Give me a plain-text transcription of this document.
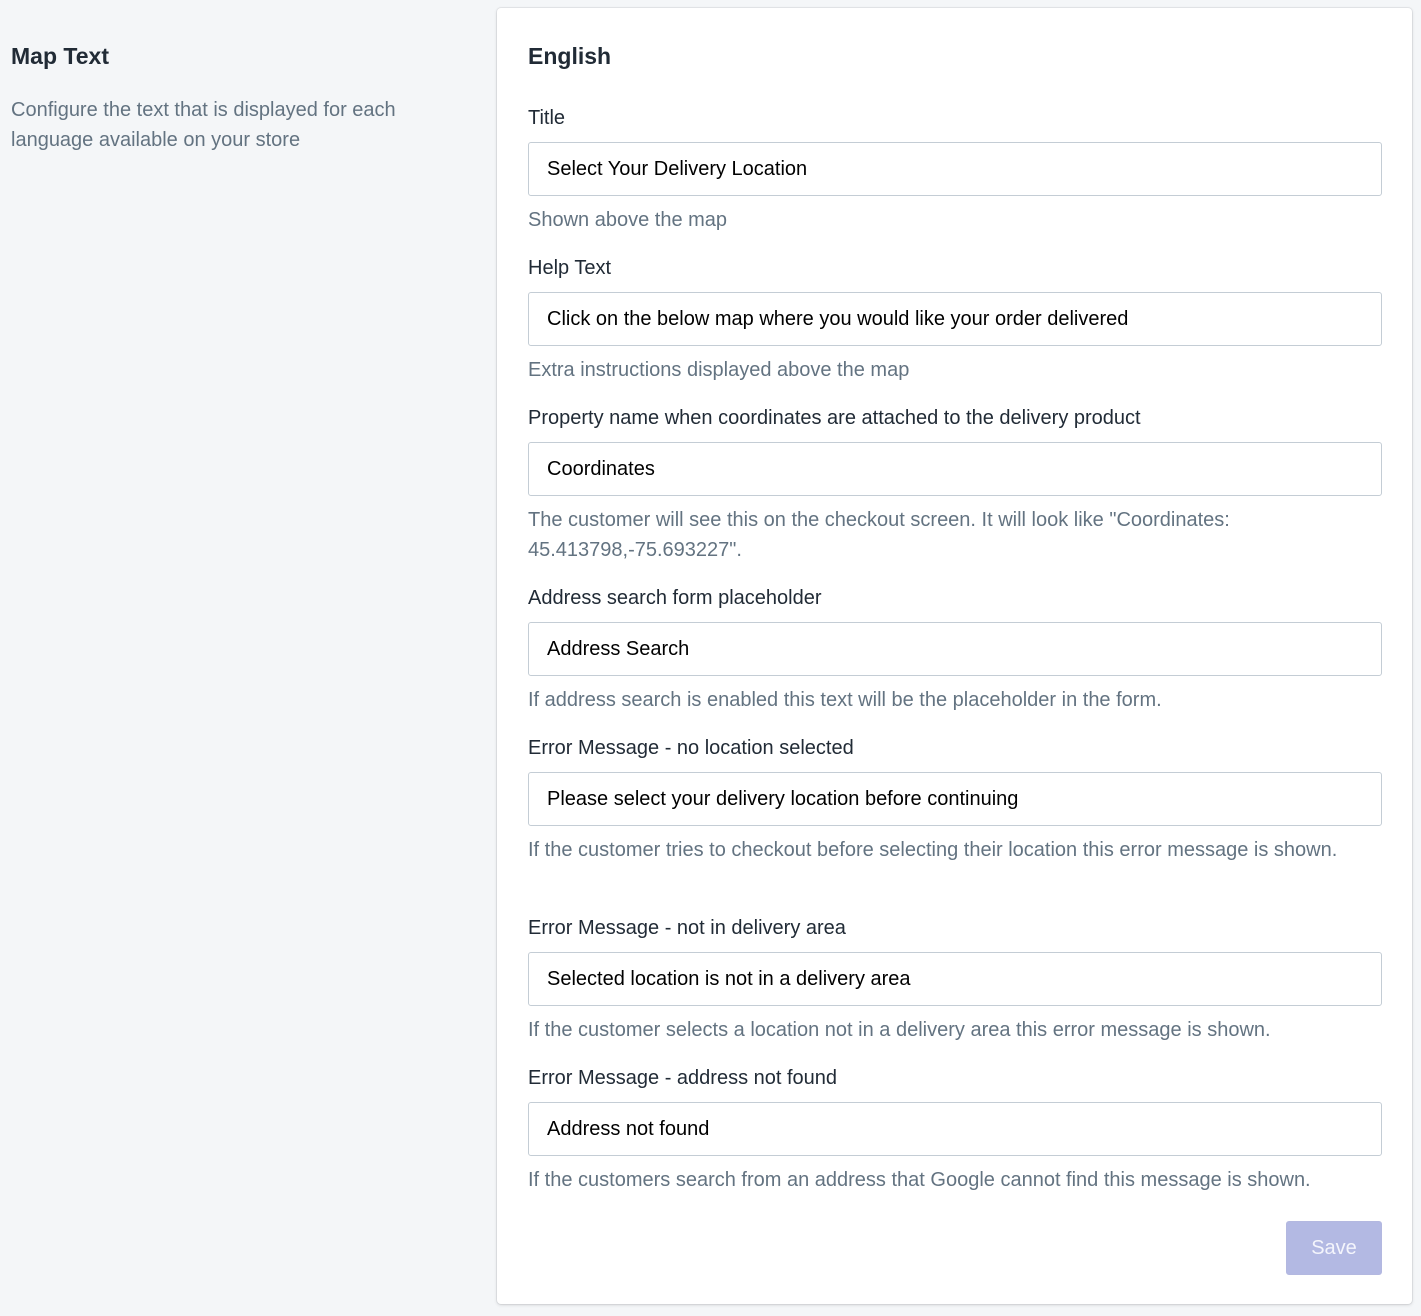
Map Text

Configure the text that is displayed for each language available on your store

English
Title
Select Your Delivery Location

Shown above the map

Help Text
Click on the below map where you would like your order delivered

Extra instructions displayed above the map

Property name when coordinates are attached to the delivery product
Coordinates

The customer will see this on the checkout screen. It will look like "Coordinates: 45.413798,-75.693227".

Address search form placeholder
Address Search

If address search is enabled this text will be the placeholder in the form.

Error Message - no location selected
Please select your delivery location before continuing

If the customer tries to checkout before selecting their location this error message is shown.

Error Message - not in delivery area
Selected location is not in a delivery area

If the customer selects a location not in a delivery area this error message is shown.

Error Message - address not found
Address not found

If the customers search from an address that Google cannot find this message is shown.

Save
